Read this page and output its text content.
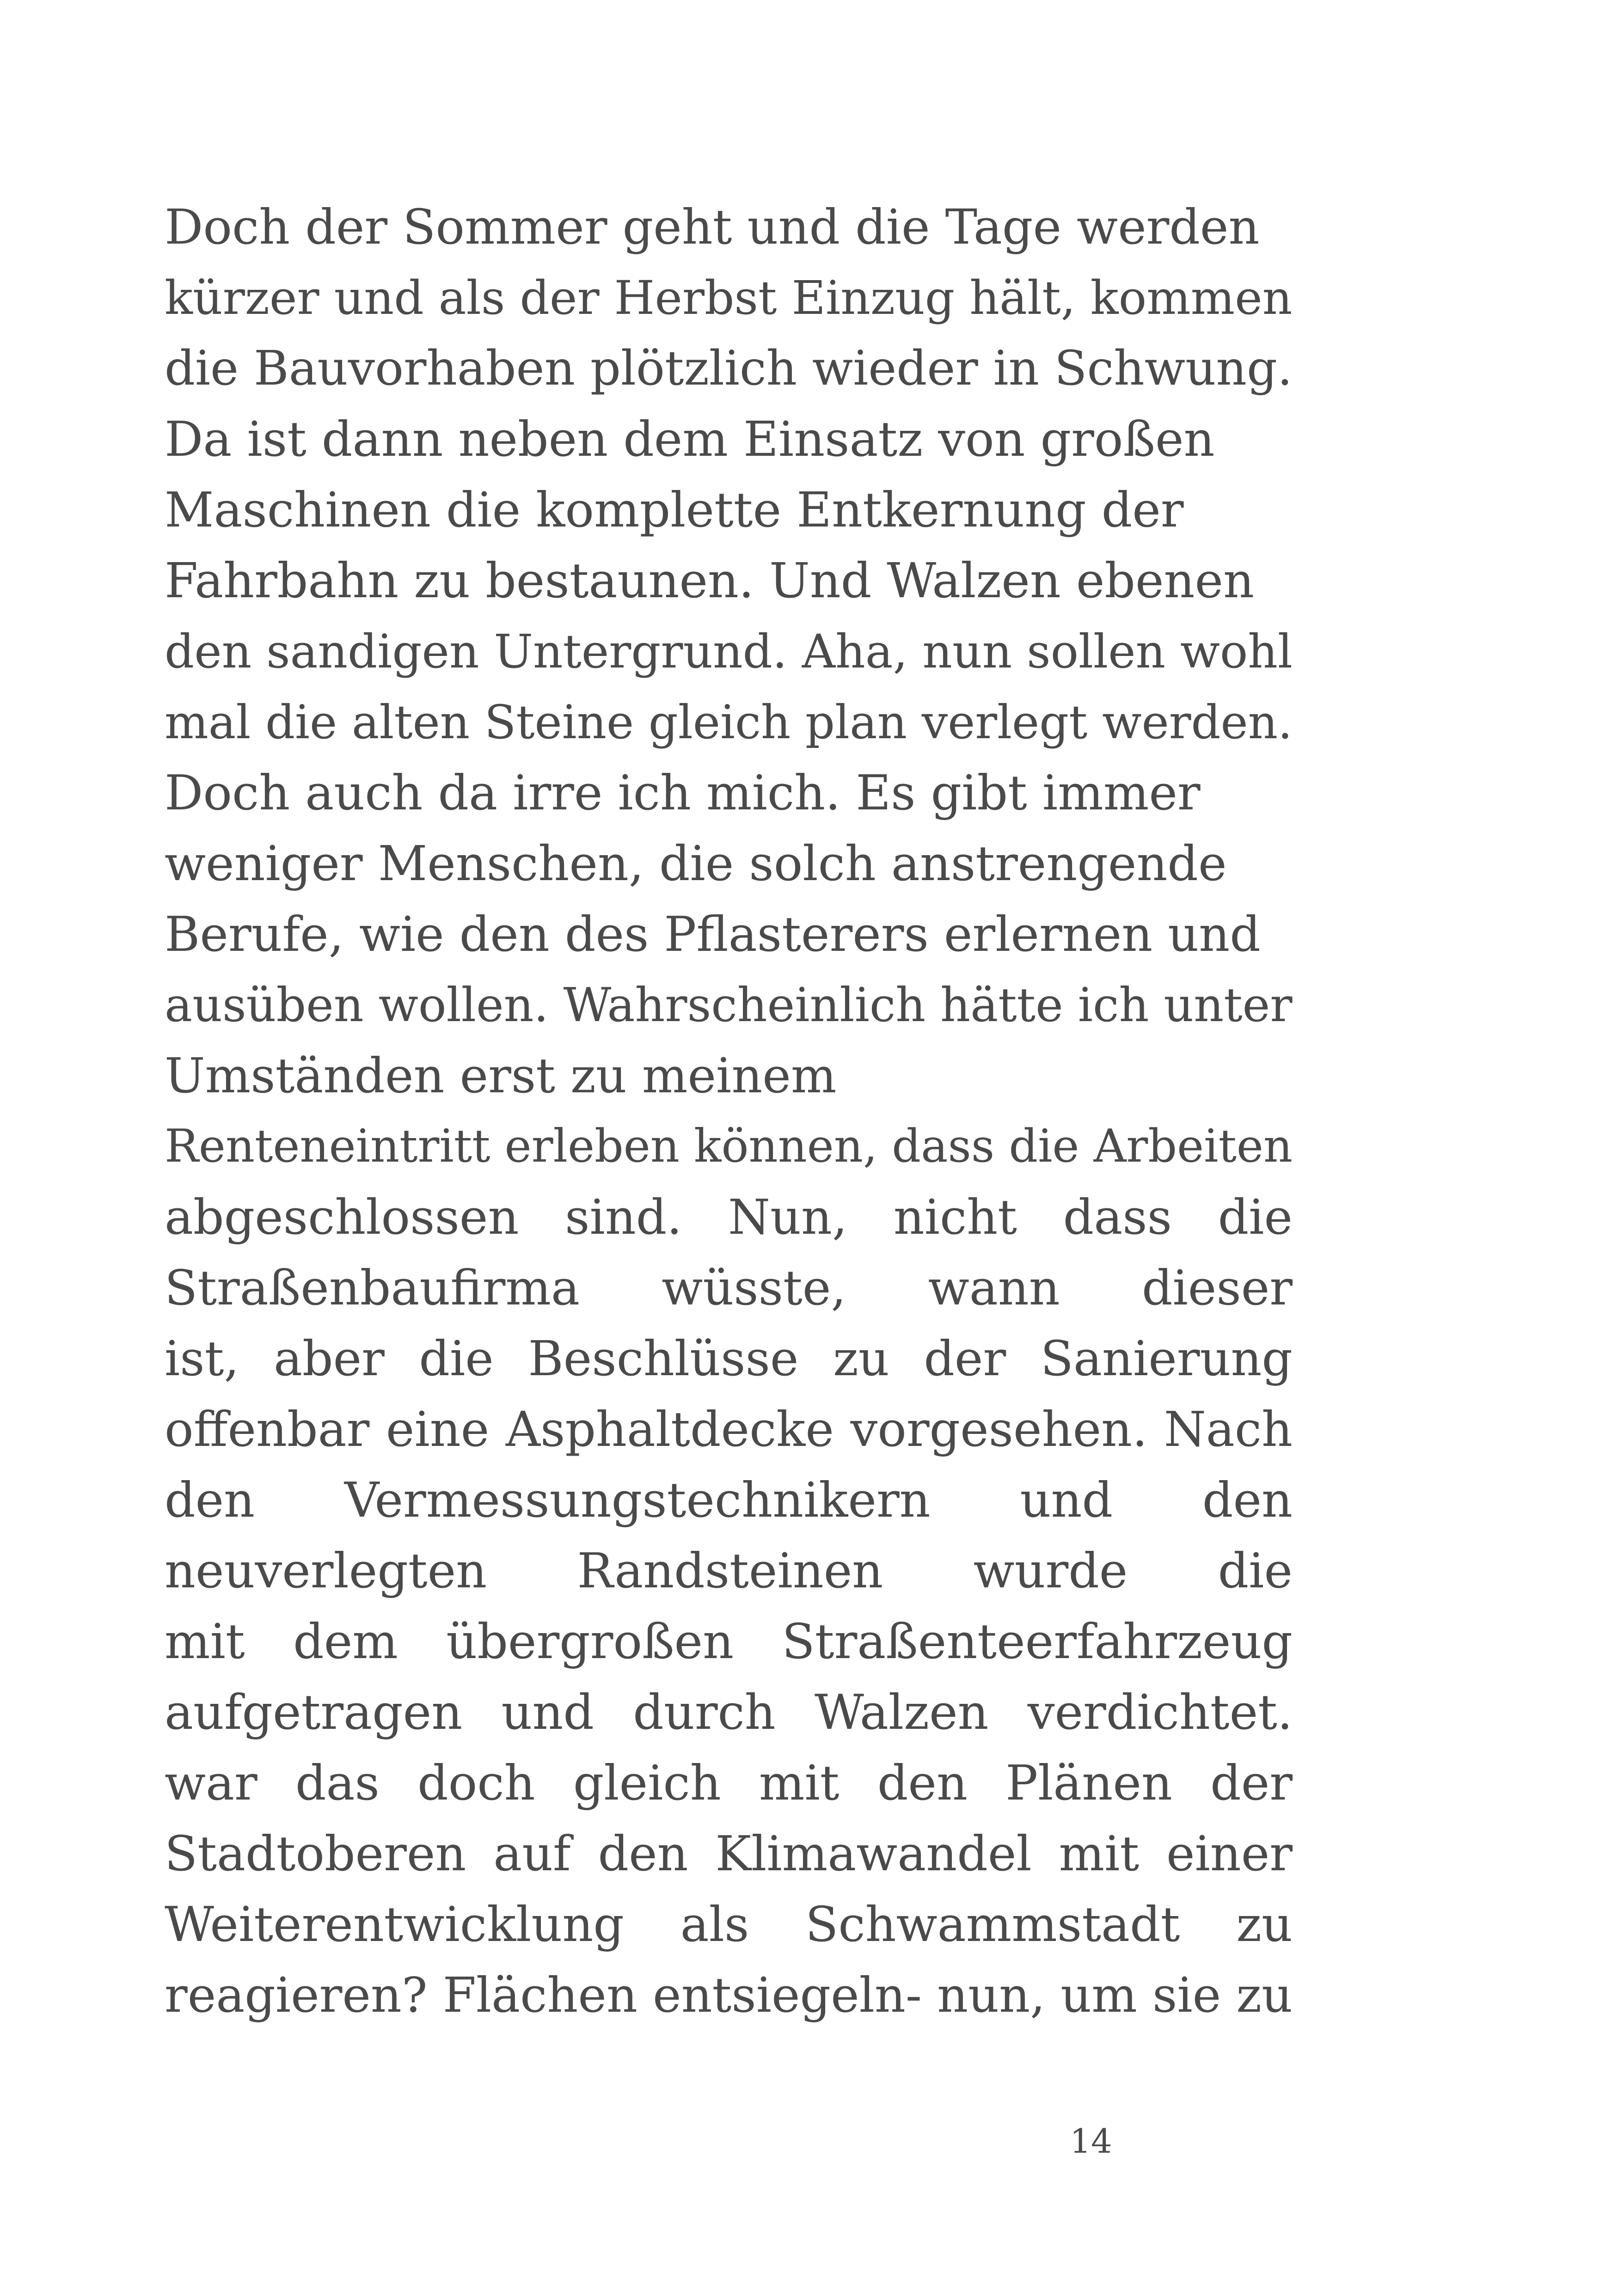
Doch der Sommer geht und die Tage werden
kürzer und als der Herbst Einzug hält, kommen
die Bauvorhaben plötzlich wieder in Schwung.
Da ist dann neben dem Einsatz von großen
Maschinen die komplette Entkernung der
Fahrbahn zu bestaunen. Und Walzen ebenen
den sandigen Untergrund. Aha, nun sollen wohl
mal die alten Steine gleich plan verlegt werden.
Doch auch da irre ich mich. Es gibt immer
weniger Menschen, die solch anstrengende
Berufe, wie den des Pflasterers erlernen und
ausüben wollen. Wahrscheinlich hätte ich unter
Umständen erst zu meinem
Renteneintritt erleben können, dass die Arbeiten
abgeschlossen sind. Nun, nicht dass die
Straßenbaufirma wüsste, wann dieser
ist, aber die Beschlüsse zu der Sanierung
offenbar eine Asphaltdecke vorgesehen. Nach
den Vermessungstechnikern und den
neuverlegten Randsteinen wurde die
mit dem übergroßen Straßenteerfahrzeug
aufgetragen und durch Walzen verdichtet.
war das doch gleich mit den Plänen der
Stadtoberen auf den Klimawandel mit einer
Weiterentwicklung als Schwammstadt zu
reagieren? Flächen entsiegeln- nun, um sie zu
14
